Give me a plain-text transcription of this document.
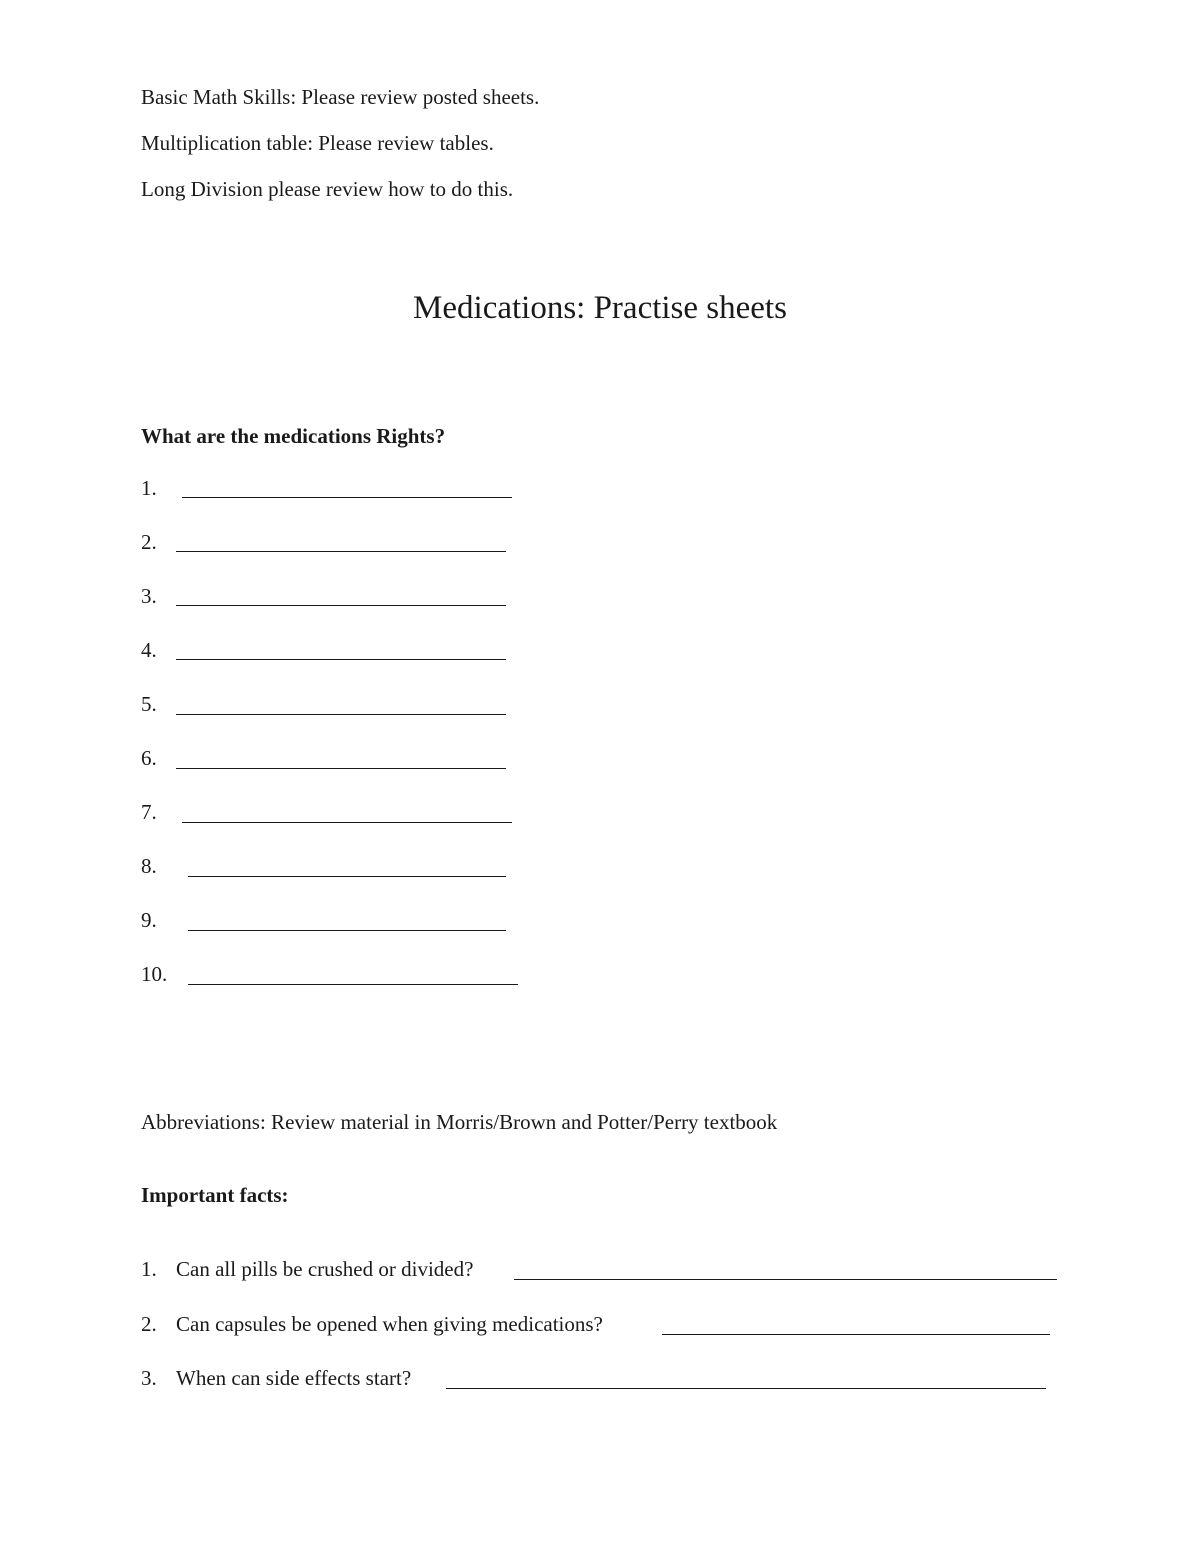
Basic Math Skills: Please review posted sheets.
Multiplication table: Please review tables.
Long Division please review how to do this.
Medications: Practise sheets
What are the medications Rights?
1.
2.
3.
4.
5.
6.
7.
8.
9.
10.
Abbreviations: Review material in Morris/Brown and Potter/Perry textbook
Important facts:
1. Can all pills be crushed or divided?
2. Can capsules be opened when giving medications?
3. When can side effects start?
